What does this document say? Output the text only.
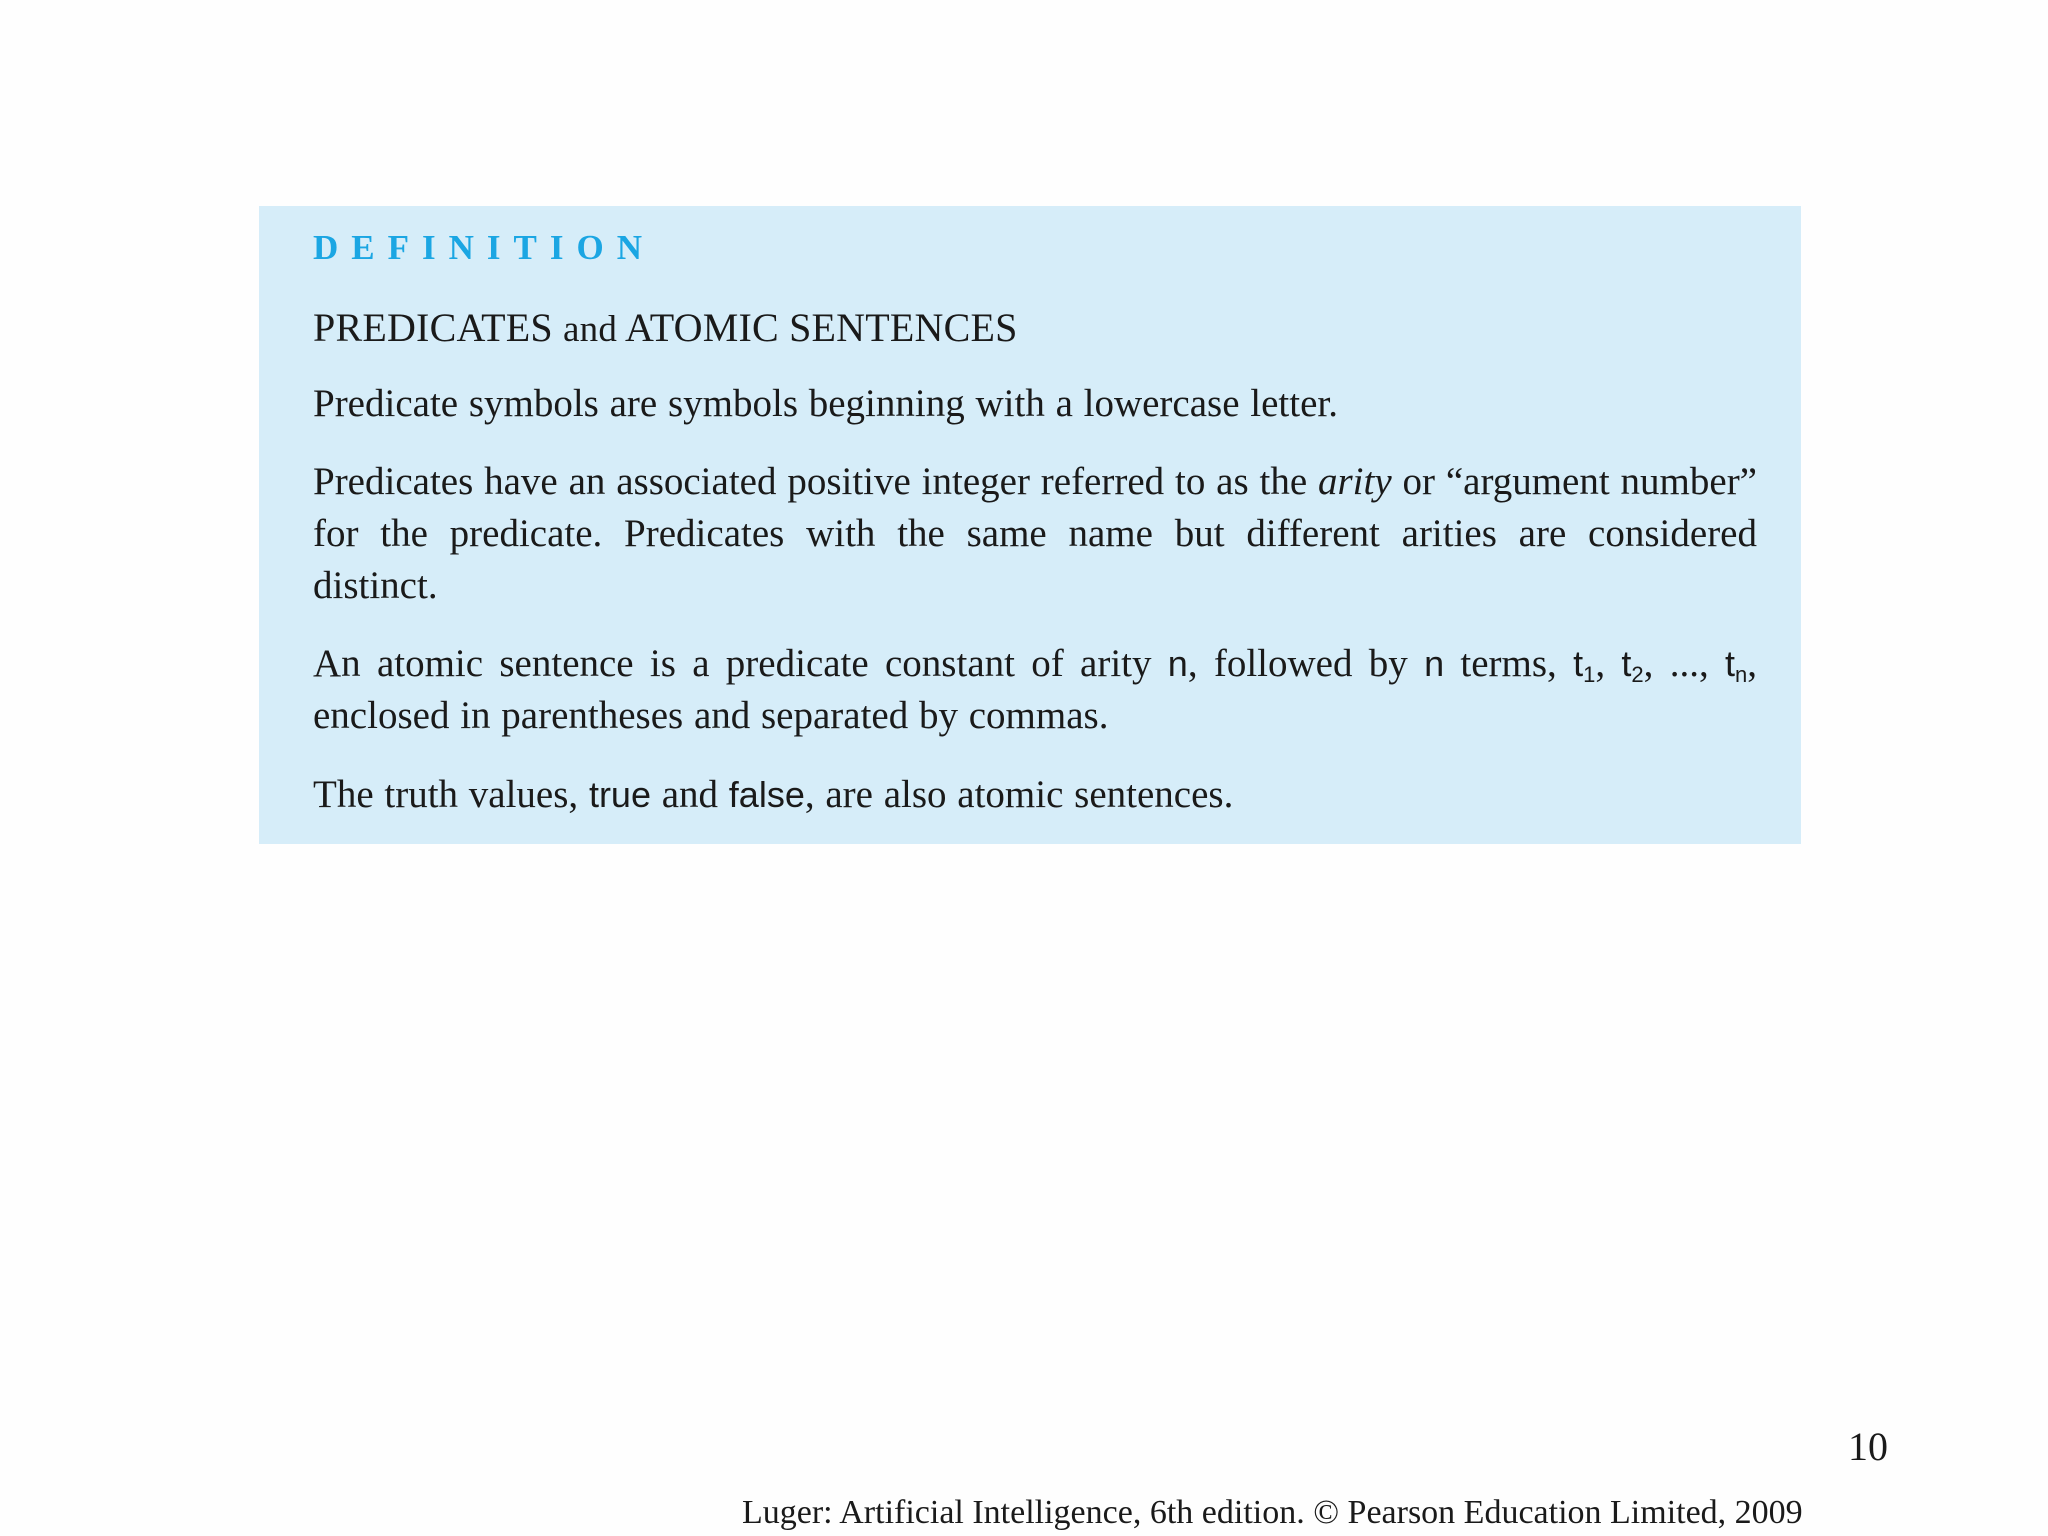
DEFINITION

PREDICATES and ATOMIC SENTENCES

Predicate symbols are symbols beginning with a lowercase letter.

Predicates have an associated positive integer referred to as the arity or “argument number” for the predicate. Predicates with the same name but different arities are considered distinct.

An atomic sentence is a predicate constant of arity n, followed by n terms, $t_1$, $t_2$, ..., $t_n$, enclosed in parentheses and separated by commas.

The truth values, true and false, are also atomic sentences.

10

Luger: Artificial Intelligence, 6th edition. © Pearson Education Limited, 2009
